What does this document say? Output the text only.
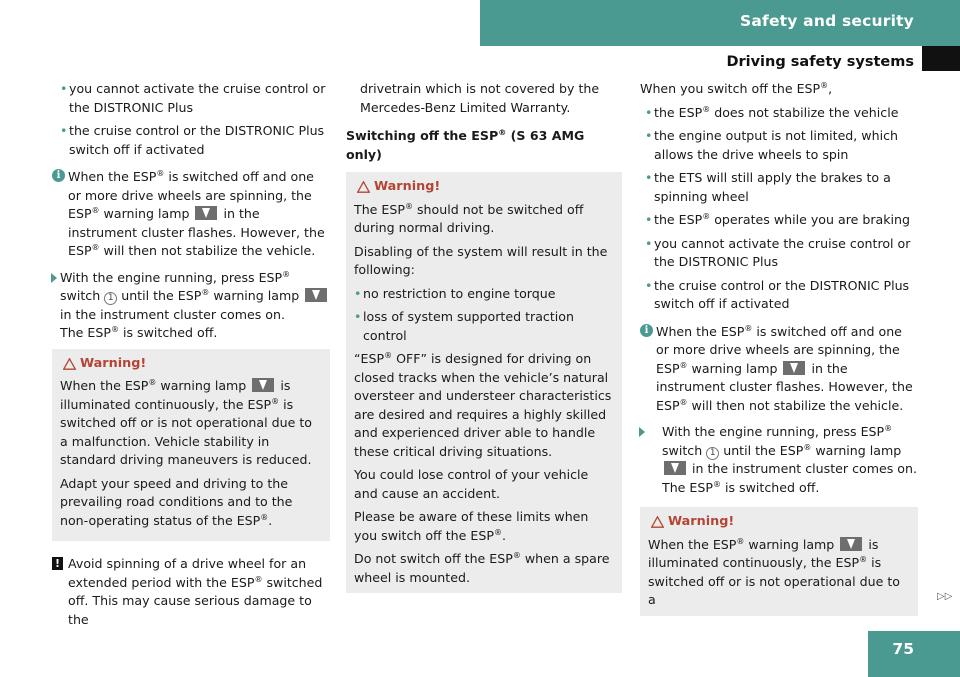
Safety and security
Driving safety systems
• you cannot activate the cruise control or the DISTRONIC Plus
• the cruise control or the DISTRONIC Plus switch off if activated
i When the ESP® is switched off and one or more drive wheels are spinning, the ESP® warning lamp
in the instrument cluster flashes. However, the ESP® will then not stabilize the vehicle.
With the engine running, press ESP® switch 1 until the ESP® warning lamp
in the instrument cluster comes on.
The ESP® is switched off.
Warning!

When the ESP® warning lamp
is illuminated continuously, the ESP® is switched off or is not operational due to a malfunction. Vehicle stability in standard driving maneuvers is reduced.

Adapt your speed and driving to the prevailing road conditions and to the non-operating status of the ESP®.

! Avoid spinning of a drive wheel for an extended period with the ESP® switched off. This may cause serious damage to the

drivetrain which is not covered by the Mercedes-Benz Limited Warranty.

Switching off the ESP® (S 63 AMG only)
Warning!

The ESP® should not be switched off during normal driving.

Disabling of the system will result in the following:

• no restriction to engine torque
• loss of system supported traction control

“ESP® OFF” is designed for driving on closed tracks when the vehicle’s natural oversteer and understeer characteristics are desired and requires a highly skilled and experienced driver able to handle these critical driving situations.

You could lose control of your vehicle and cause an accident.

Please be aware of these limits when you switch off the ESP®.

Do not switch off the ESP® when a spare wheel is mounted.

When you switch off the ESP®,

• the ESP® does not stabilize the vehicle
• the engine output is not limited, which allows the drive wheels to spin
• the ETS will still apply the brakes to a spinning wheel
• the ESP® operates while you are braking
• you cannot activate the cruise control or the DISTRONIC Plus
• the cruise control or the DISTRONIC Plus switch off if activated
i When the ESP® is switched off and one or more drive wheels are spinning, the ESP® warning lamp
in the instrument cluster flashes. However, the ESP® will then not stabilize the vehicle.
With the engine running, press ESP® switch 1 until the ESP® warning lamp
in the instrument cluster comes on.
The ESP® is switched off.
Warning!

When the ESP® warning lamp
is illuminated continuously, the ESP® is switched off or is not operational due to a	▷▷
75
